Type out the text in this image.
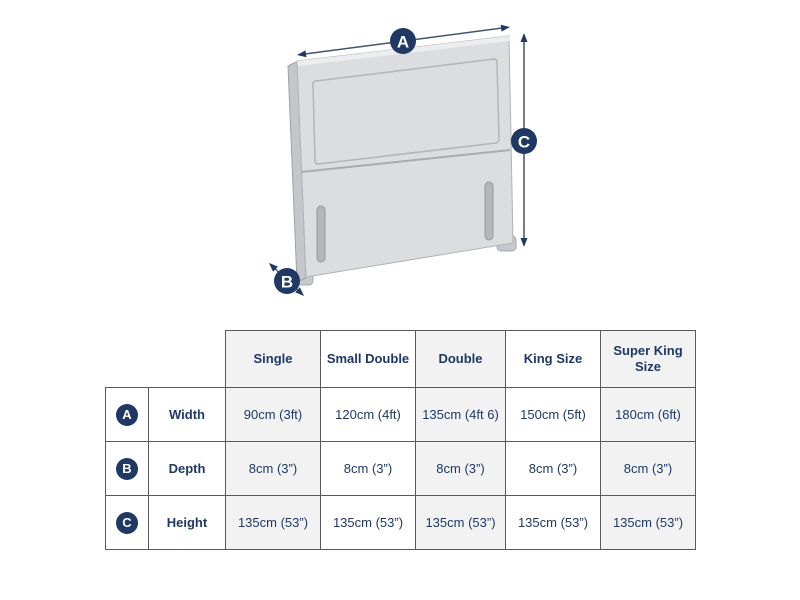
A
C
B
		Single	Small Double	Double	King Size	Super King Size
A	Width	90cm (3ft)	120cm (4ft)	135cm (4ft 6)	150cm (5ft)	180cm (6ft)
B	Depth	8cm (3”)	8cm (3”)	8cm (3”)	8cm (3”)	8cm (3”)
C	Height	135cm (53”)	135cm (53”)	135cm (53”)	135cm (53”)	135cm (53”)
